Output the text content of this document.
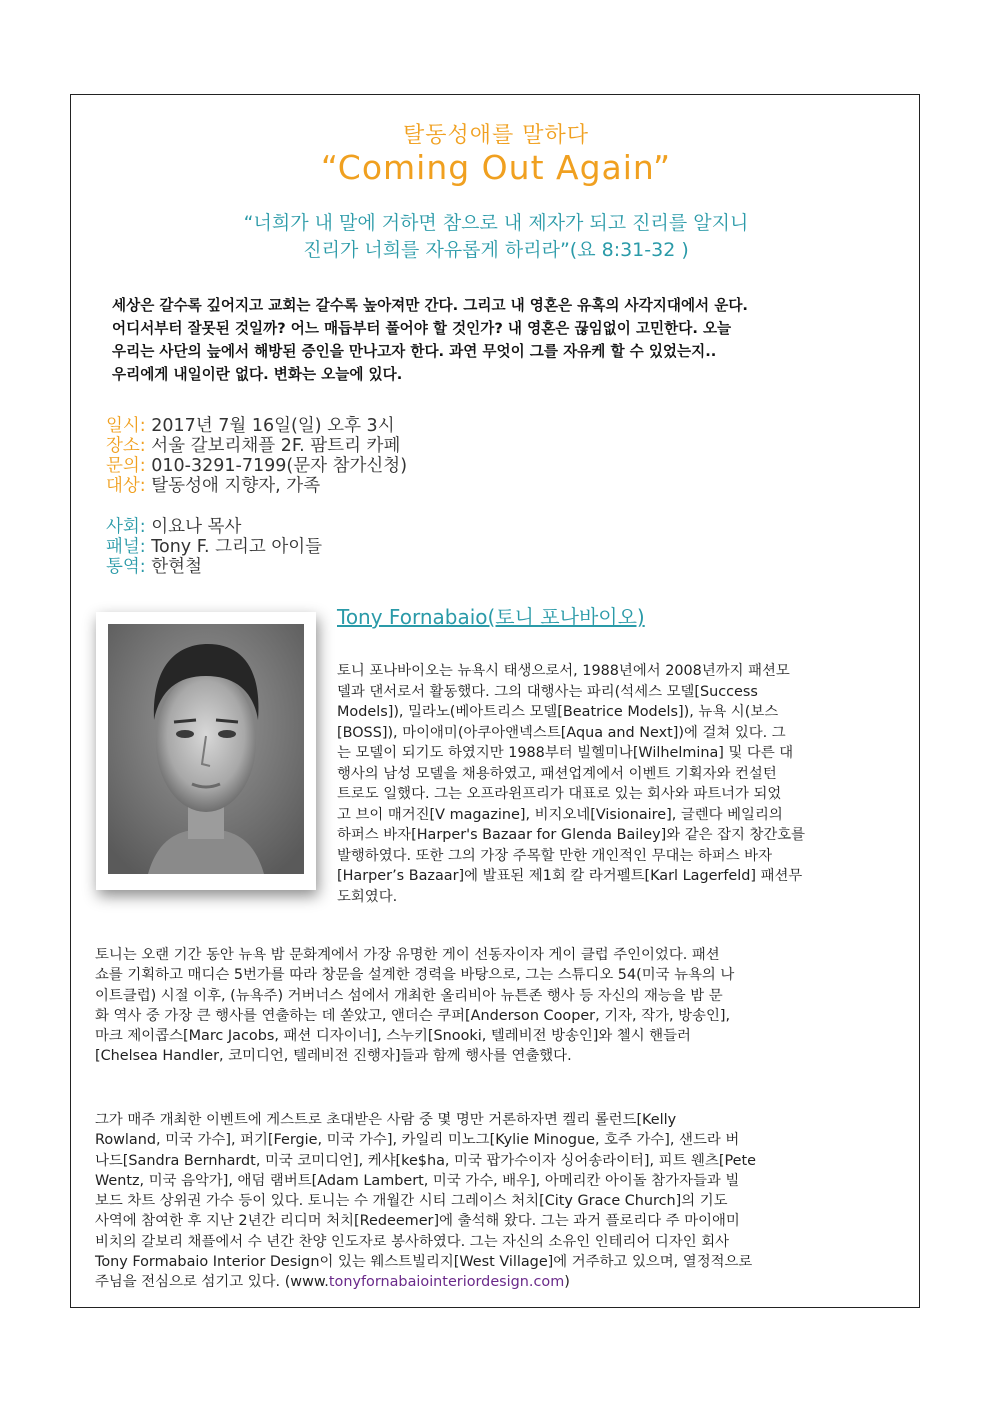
탈동성애를 말하다
“Coming Out Again”
“너희가 내 말에 거하면 참으로 내 제자가 되고 진리를 알지니
진리가 너희를 자유롭게 하리라”(요 8:31-32 )
세상은 갈수록 깊어지고 교회는 갈수록 높아져만 간다. 그리고 내 영혼은 유혹의 사각지대에서 운다.
어디서부터 잘못된 것일까? 어느 매듭부터 풀어야 할 것인가? 내 영혼은 끊임없이 고민한다. 오늘
우리는 사단의 늪에서 해방된 증인을 만나고자 한다. 과연 무엇이 그를 자유케 할 수 있었는지..
우리에게 내일이란 없다. 변화는 오늘에 있다.
일시: 2017년 7월 16일(일) 오후 3시
장소: 서울 갈보리채플 2F. 팜트리 카페
문의: 010-3291-7199(문자 참가신청)
대상: 탈동성애 지향자, 가족
사회: 이요나 목사
패널: Tony F. 그리고 아이들
통역: 한현철
Tony Fornabaio(토니 포나바이오)
토니 포나바이오는 뉴욕시 태생으로서, 1988년에서 2008년까지 패션모
델과 댄서로서 활동했다. 그의 대행사는 파리(석세스 모델[Success
Models]), 밀라노(베아트리스 모델[Beatrice Models]), 뉴욕 시(보스
[BOSS]), 마이애미(아쿠아앤넥스트[Aqua and Next])에 걸쳐 있다. 그
는 모델이 되기도 하였지만 1988부터 빌헬미나[Wilhelmina] 및 다른 대
행사의 남성 모델을 채용하였고, 패션업계에서 이벤트 기획자와 컨설턴
트로도 일했다. 그는 오프라윈프리가 대표로 있는 회사와 파트너가 되었
고 브이 매거진[V magazine], 비지오네[Visionaire], 글렌다 베일리의
하퍼스 바자[Harper's Bazaar for Glenda Bailey]와 같은 잡지 창간호를
발행하였다. 또한 그의 가장 주목할 만한 개인적인 무대는 하퍼스 바자
[Harper’s Bazaar]에 발표된 제1회 칼 라거펠트[Karl Lagerfeld] 패션무
도회였다.
토니는 오랜 기간 동안 뉴욕 밤 문화계에서 가장 유명한 게이 선동자이자 게이 클럽 주인이었다. 패션
쇼를 기획하고 매디슨 5번가를 따라 창문을 설계한 경력을 바탕으로, 그는 스튜디오 54(미국 뉴욕의 나
이트클럽) 시절 이후, (뉴욕주) 거버너스 섬에서 개최한 올리비아 뉴튼존 행사 등 자신의 재능을 밤 문
화 역사 중 가장 큰 행사를 연출하는 데 쏟았고, 앤더슨 쿠퍼[Anderson Cooper, 기자, 작가, 방송인],
마크 제이콥스[Marc Jacobs, 패션 디자이너], 스누키[Snooki, 텔레비전 방송인]와 첼시 핸들러
[Chelsea Handler, 코미디언, 텔레비전 진행자]들과 함께 행사를 연출했다.
그가 매주 개최한 이벤트에 게스트로 초대받은 사람 중 몇 명만 거론하자면 켈리 롤런드[Kelly
Rowland, 미국 가수], 퍼기[Fergie, 미국 가수], 카일리 미노그[Kylie Minogue, 호주 가수], 샌드라 버
나드[Sandra Bernhardt, 미국 코미디언], 케샤[ke$ha, 미국 팝가수이자 싱어송라이터], 피트 웬츠[Pete
Wentz, 미국 음악가], 애덤 램버트[Adam Lambert, 미국 가수, 배우], 아메리칸 아이돌 참가자들과 빌
보드 차트 상위권 가수 등이 있다. 토니는 수 개월간 시티 그레이스 처치[City Grace Church]의 기도
사역에 참여한 후 지난 2년간 리디머 처치[Redeemer]에 출석해 왔다. 그는 과거 플로리다 주 마이애미
비치의 갈보리 채플에서 수 년간 찬양 인도자로 봉사하였다. 그는 자신의 소유인 인테리어 디자인 회사
Tony Formabaio Interior Design이 있는 웨스트빌리지[West Village]에 거주하고 있으며, 열정적으로
주님을 전심으로 섬기고 있다. (www.tonyfornabaiointeriordesign.com)
